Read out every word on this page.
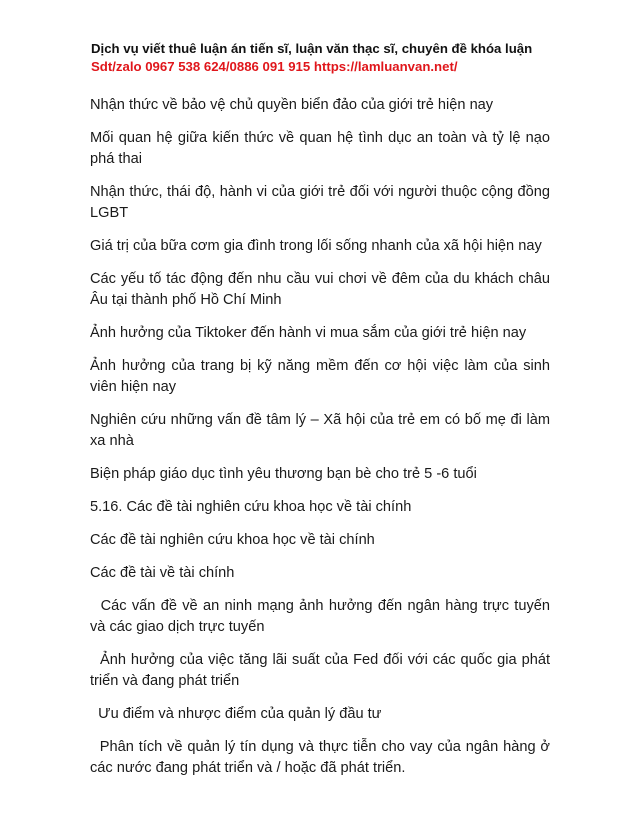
Dịch vụ viết thuê luận án tiến sĩ, luận văn thạc sĩ, chuyên đề khóa luận
Sdt/zalo 0967 538 624/0886 091 915 https://lamluanvan.net/

Nhận thức về bảo vệ chủ quyền biển đảo của giới trẻ hiện nay

Mối quan hệ giữa kiến thức về quan hệ tình dục an toàn và tỷ lệ nạo phá thai

Nhận thức, thái độ, hành vi của giới trẻ đối với người thuộc cộng đồng LGBT

Giá trị của bữa cơm gia đình trong lối sống nhanh của xã hội hiện nay

Các yếu tố tác động đến nhu cầu vui chơi về đêm của du khách châu Âu tại thành phố Hồ Chí Minh

Ảnh hưởng của Tiktoker đến hành vi mua sắm của giới trẻ hiện nay

Ảnh hưởng của trang bị kỹ năng mềm đến cơ hội việc làm của sinh viên hiện nay

Nghiên cứu những vấn đề tâm lý – Xã hội của trẻ em có bố mẹ đi làm xa nhà

Biện pháp giáo dục tình yêu thương bạn bè cho trẻ 5 -6 tuổi

5.16. Các đề tài nghiên cứu khoa học về tài chính

Các đề tài nghiên cứu khoa học về tài chính

Các đề tài về tài chính

Các vấn đề về an ninh mạng ảnh hưởng đến ngân hàng trực tuyến và các giao dịch trực tuyến

Ảnh hưởng của việc tăng lãi suất của Fed đối với các quốc gia phát triển và đang phát triển

Ưu điểm và nhược điểm của quản lý đầu tư

Phân tích về quản lý tín dụng và thực tiễn cho vay của ngân hàng ở các nước đang phát triển và / hoặc đã phát triển.
